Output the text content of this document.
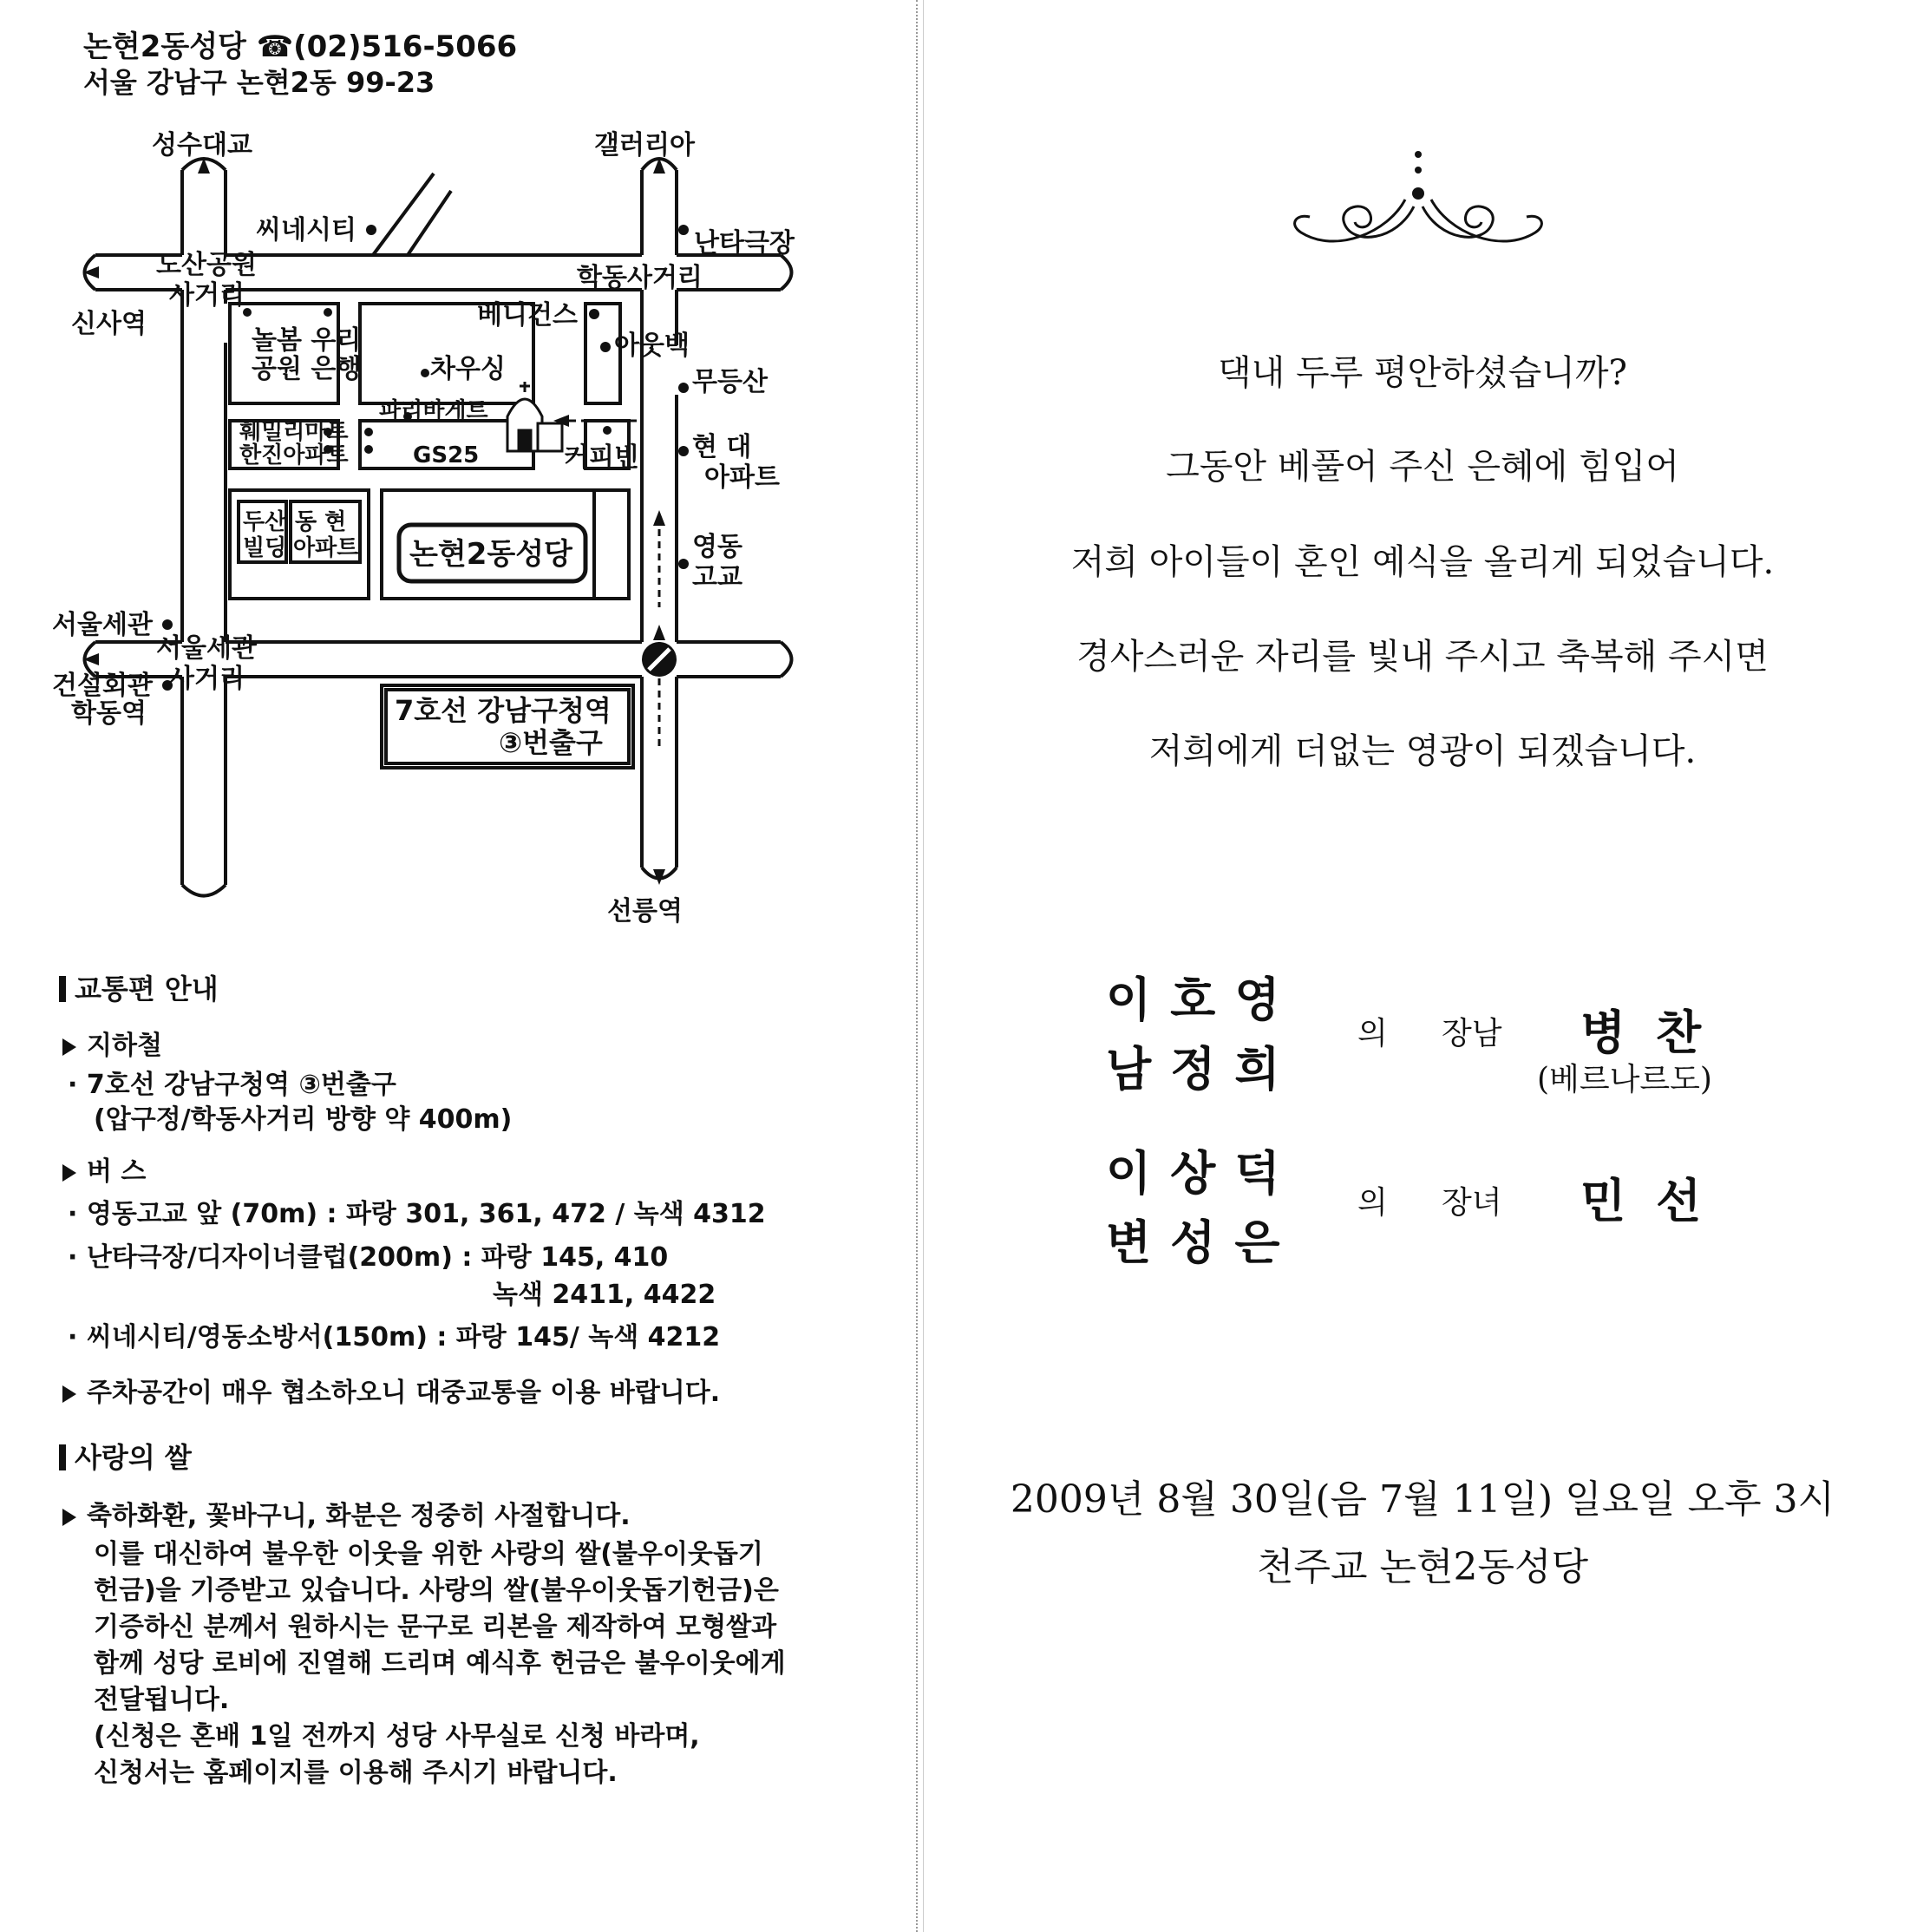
논현2동성당 ☎(02)516-5066
서울 강남구 논현2동 99-23
성수대교	갤러리아
씨네시티	난타극장
도산공원
사거리
학동사거리
신사역	베니건스
아웃백
놀봄 우리
공원 은행	차우싱	무등산
파리바게트
훼밀리마트
한진아파트	GS25	커피빈 현 대
아파트
두산
빌딩
동 현
아파트 논현2동성당	영동
고교
서울세관
건설회관
7호선 강남구청역
③번출구
서울세관
사거리
학동역
선릉역
교통편 안내
지하철
· 7호선 강남구청역 ③번출구
(압구정/학동사거리 방향 약 400m)
버 스
· 영동고교 앞 (70m) : 파랑 301, 361, 472 / 녹색 4312
· 난타극장/디자이너클럽(200m) : 파랑 145, 410
녹색 2411, 4422
· 씨네시티/영동소방서(150m) : 파랑 145/ 녹색 4212
주차공간이 매우 협소하오니 대중교통을 이용 바랍니다.
사랑의 쌀
축하화환, 꽃바구니, 화분은 정중히 사절합니다.
이를 대신하여 불우한 이웃을 위한 사랑의 쌀(불우이웃돕기
헌금)을 기증받고 있습니다. 사랑의 쌀(불우이웃돕기헌금)은
기증하신 분께서 원하시는 문구로 리본을 제작하여 모형쌀과
함께 성당 로비에 진열해 드리며 예식후 헌금은 불우이웃에게
전달됩니다.
(신청은 혼배 1일 전까지 성당 사무실로 신청 바라며,
신청서는 홈페이지를 이용해 주시기 바랍니다.
댁내 두루 평안하셨습니까?
그동안 베풀어 주신 은혜에 힘입어
저희 아이들이 혼인 예식을 올리게 되었습니다.
경사스러운 자리를 빛내 주시고 축복해 주시면
저희에게 더없는 영광이 되겠습니다.
이호영
남정희
의 장남 병 찬
(베르나르도)
이상덕
변성은
의 장녀 민 선
2009년 8월 30일(음 7월 11일) 일요일 오후 3시
천주교 논현2동성당
